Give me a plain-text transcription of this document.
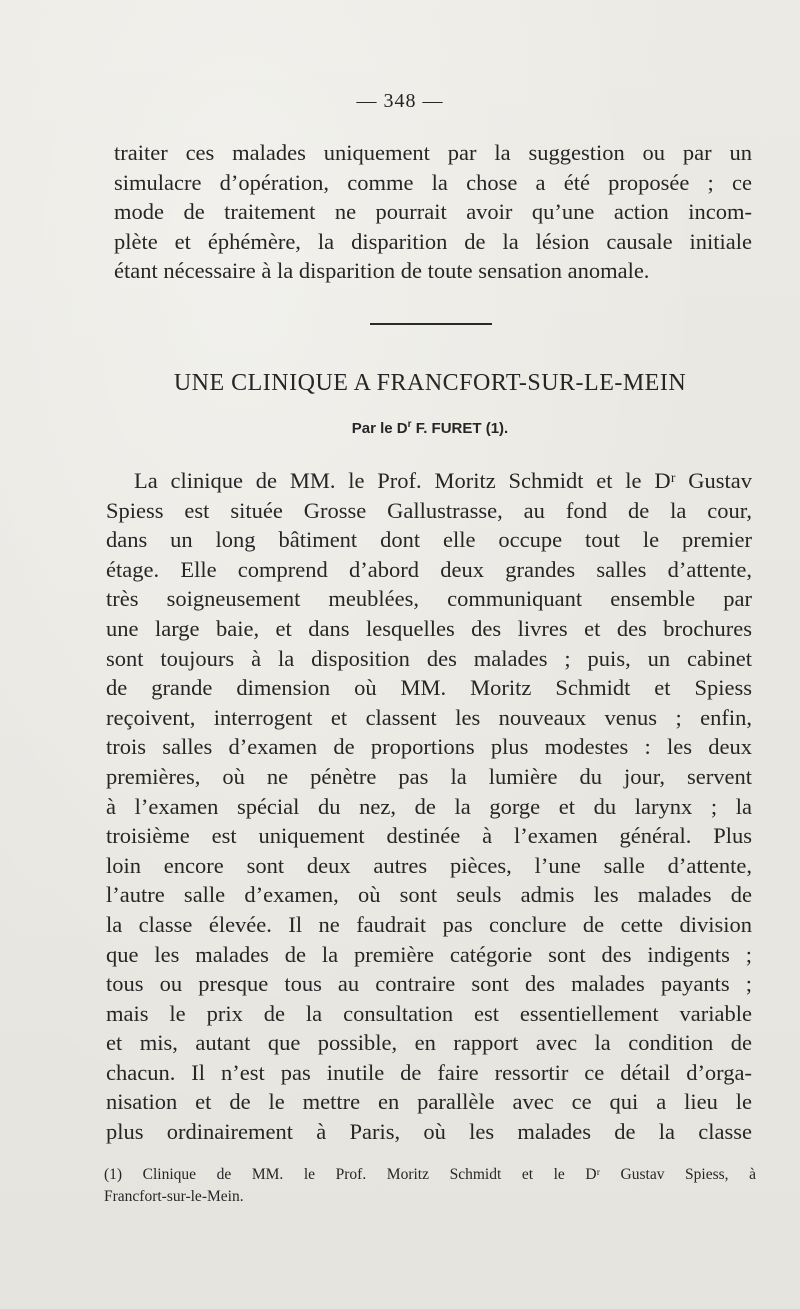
— 348 —
traiter ces malades uniquement par la suggestion ou par un
simulacre d’opération, comme la chose a été proposée ; ce
mode de traitement ne pourrait avoir qu’une action incom-
plète et éphémère, la disparition de la lésion causale initiale
étant nécessaire à la disparition de toute sensation anomale.
UNE CLINIQUE A FRANCFORT-SUR-LE-MEIN
Par le $D^r$ F. FURET (1).
La clinique de MM. le Prof. Moritz Schmidt et le Dʳ Gustav
Spiess est située Grosse Gallustrasse, au fond de la cour,
dans un long bâtiment dont elle occupe tout le premier
étage. Elle comprend d’abord deux grandes salles d’attente,
très soigneusement meublées, communiquant ensemble par
une large baie, et dans lesquelles des livres et des brochures
sont toujours à la disposition des malades ; puis, un cabinet
de grande dimension où MM. Moritz Schmidt et Spiess
reçoivent, interrogent et classent les nouveaux venus ; enfin,
trois salles d’examen de proportions plus modestes : les deux
premières, où ne pénètre pas la lumière du jour, servent
à l’examen spécial du nez, de la gorge et du larynx ; la
troisième est uniquement destinée à l’examen général. Plus
loin encore sont deux autres pièces, l’une salle d’attente,
l’autre salle d’examen, où sont seuls admis les malades de
la classe élevée. Il ne faudrait pas conclure de cette division
que les malades de la première catégorie sont des indigents ;
tous ou presque tous au contraire sont des malades payants ;
mais le prix de la consultation est essentiellement variable
et mis, autant que possible, en rapport avec la condition de
chacun. Il n’est pas inutile de faire ressortir ce détail d’orga-
nisation et de le mettre en parallèle avec ce qui a lieu le
plus ordinairement à Paris, où les malades de la classe
(1) Clinique de MM. le Prof. Moritz Schmidt et le Dʳ Gustav Spiess, à
Francfort-sur-le-Mein.
